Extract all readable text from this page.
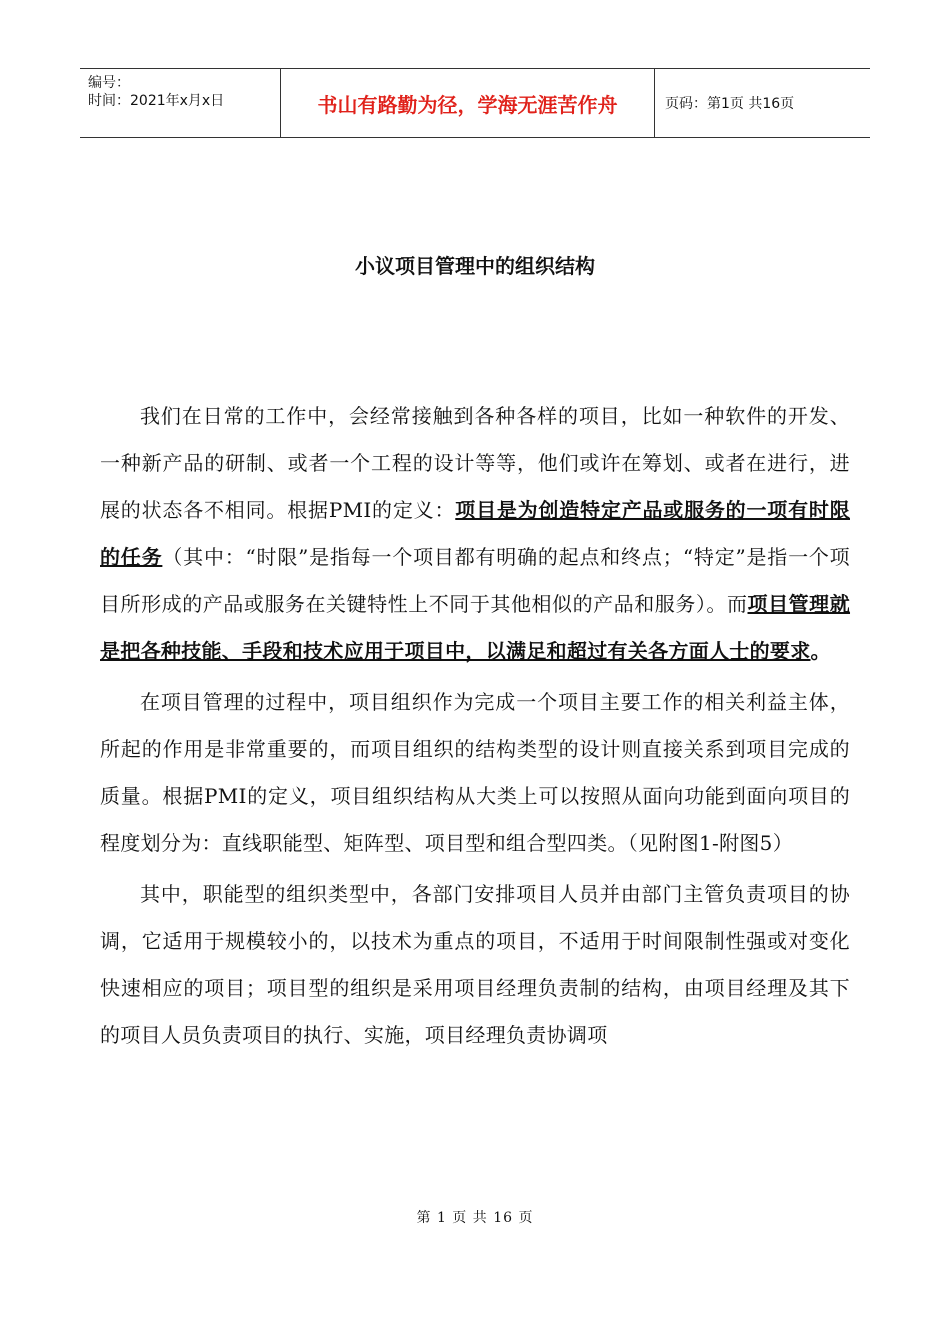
编号：
时间：2021年x月x日	书山有路勤为径，学海无涯苦作舟	页码：第1页 共16页
小议项目管理中的组织结构

我们在日常的工作中，会经常接触到各种各样的项目，比如一种软件的开发、一种新产品的研制、或者一个工程的设计等等，他们或许在筹划、或者在进行，进展的状态各不相同。根据PMI的定义：项目是为创造特定产品或服务的一项有时限的任务（其中：“时限”是指每一个项目都有明确的起点和终点；“特定”是指一个项目所形成的产品或服务在关键特性上不同于其他相似的产品和服务）。而项目管理就是把各种技能、手段和技术应用于项目中，以满足和超过有关各方面人士的要求。

在项目管理的过程中，项目组织作为完成一个项目主要工作的相关利益主体，所起的作用是非常重要的，而项目组织的结构类型的设计则直接关系到项目完成的质量。根据PMI的定义，项目组织结构从大类上可以按照从面向功能到面向项目的程度划分为：直线职能型、矩阵型、项目型和组合型四类。（见附图1-附图5）

其中，职能型的组织类型中，各部门安排项目人员并由部门主管负责项目的协调，它适用于规模较小的，以技术为重点的项目，不适用于时间限制性强或对变化快速相应的项目；项目型的组织是采用项目经理负责制的结构，由项目经理及其下的项目人员负责项目的执行、实施，项目经理负责协调项

第 1 页 共 16 页
